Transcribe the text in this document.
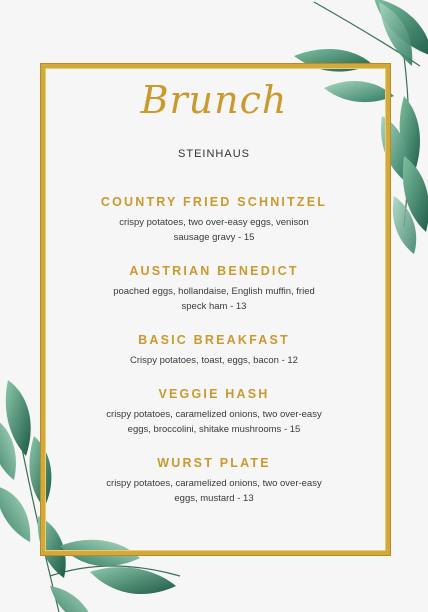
Brunch
STEINHAUS
COUNTRY FRIED SCHNITZEL
crispy potatoes, two over-easy eggs, venison sausage gravy - 15
AUSTRIAN BENEDICT
poached eggs, hollandaise, English muffin, fried speck ham - 13
BASIC BREAKFAST
Crispy potatoes, toast, eggs, bacon - 12
VEGGIE HASH
crispy potatoes, caramelized onions, two over-easy eggs, broccolini, shitake mushrooms - 15
WURST PLATE
crispy potatoes, caramelized onions, two over-easy eggs, mustard - 13
